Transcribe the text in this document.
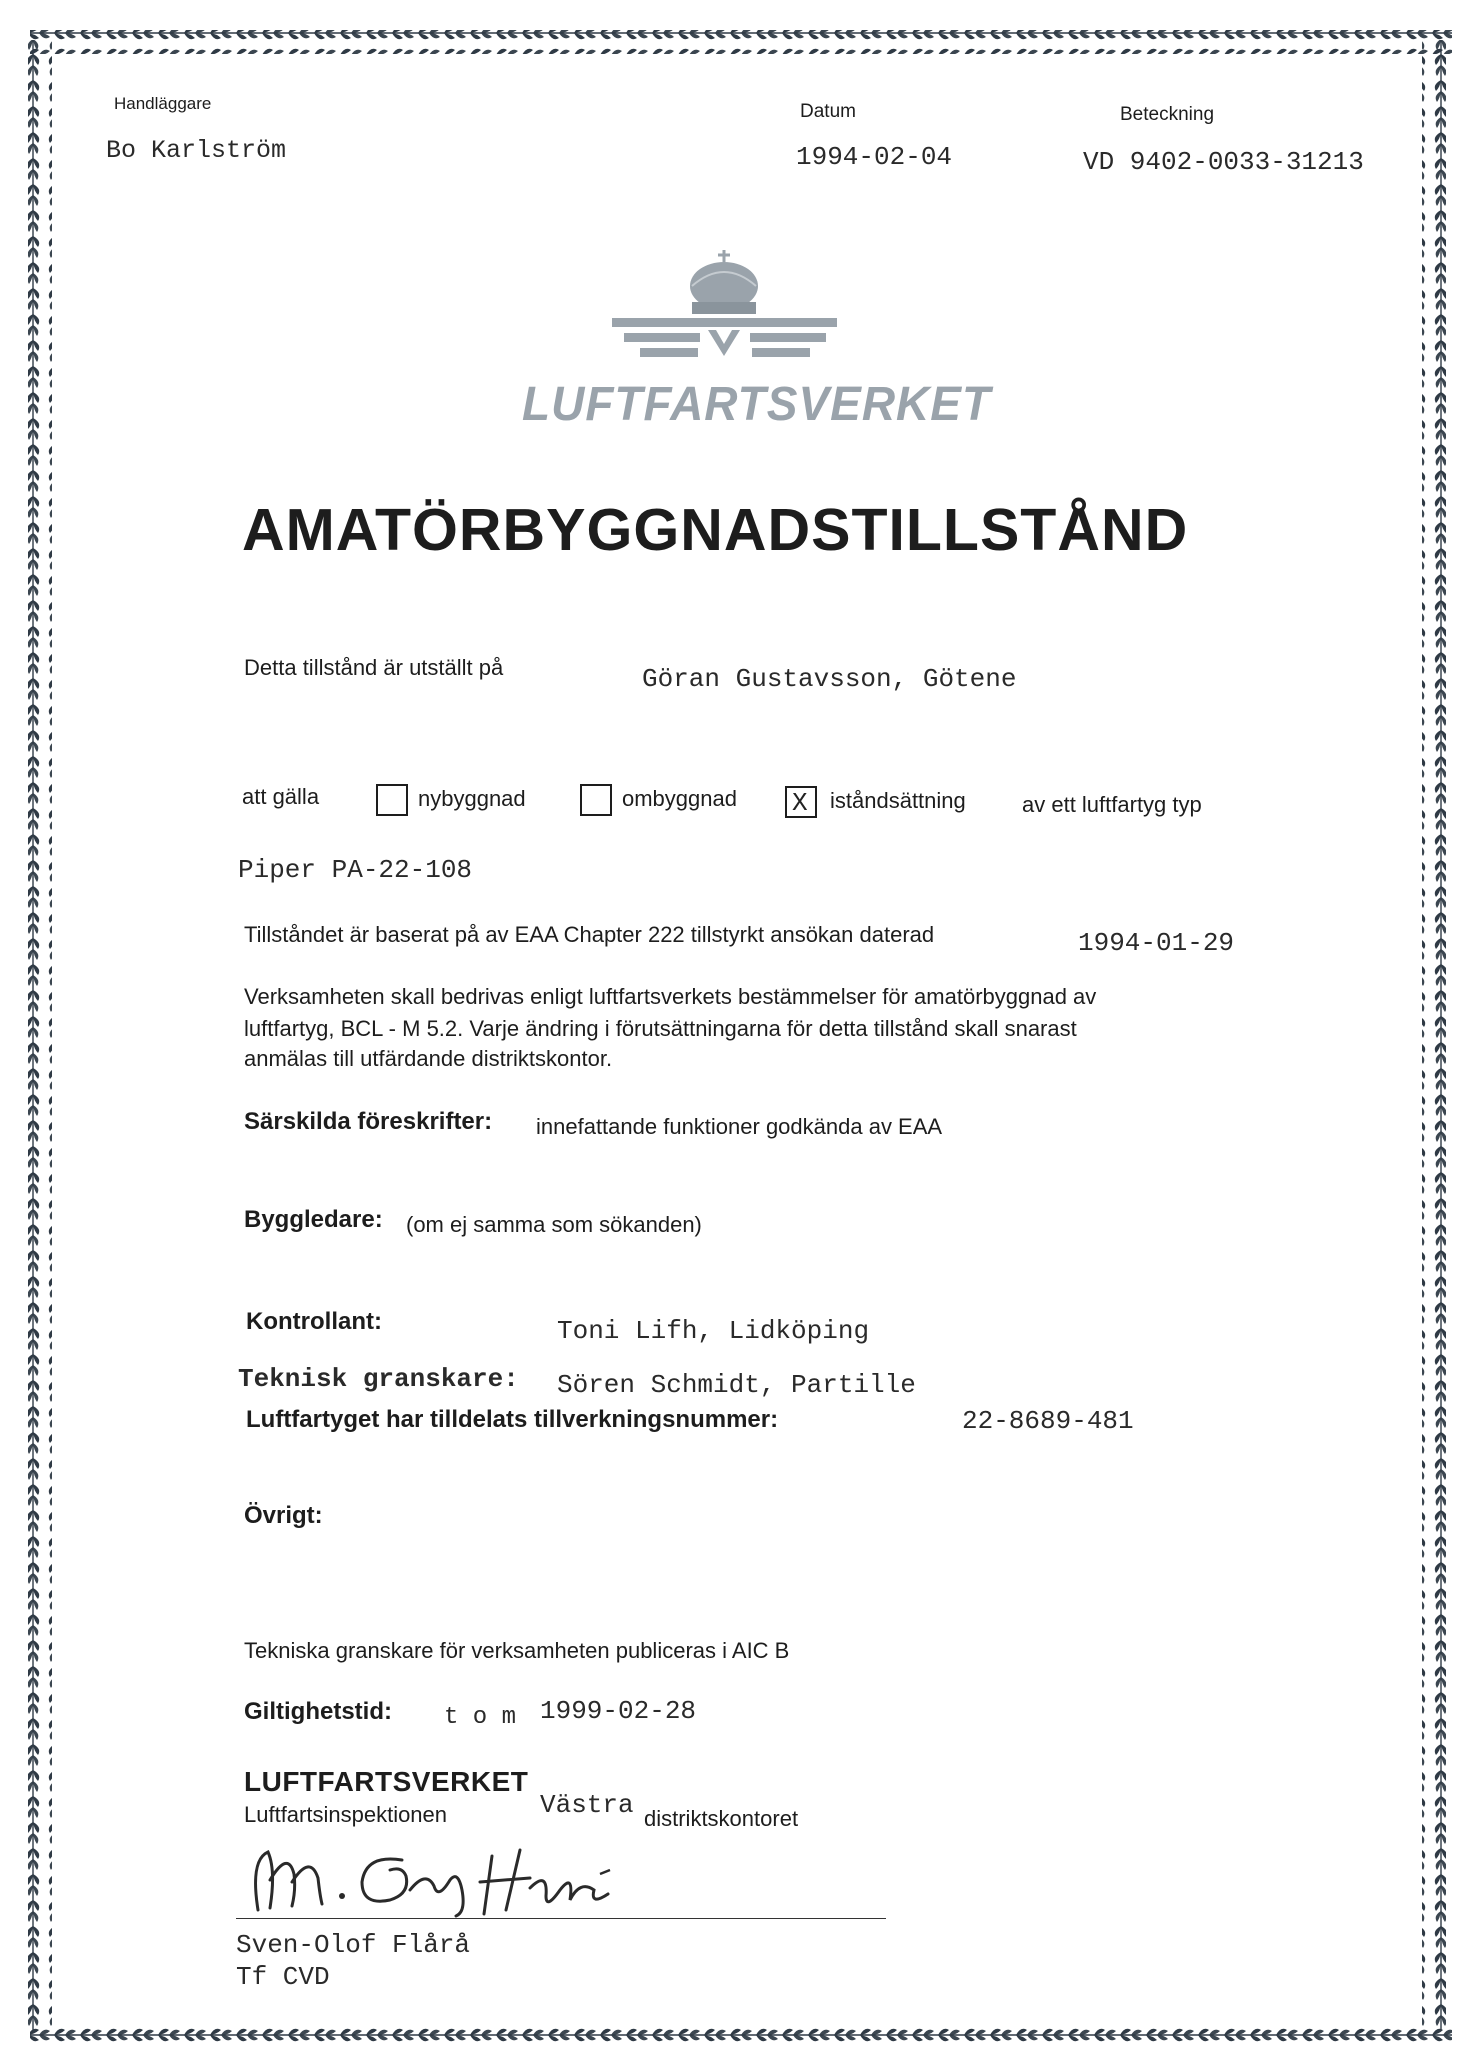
Handläggare
Bo Karlström
Datum
1994-02-04
Beteckning
VD 9402-0033-31213
LUFTFARTSVERKET
AMATÖRBYGGNADSTILLSTÅND
Detta tillstånd är utställt på	Göran Gustavsson, Götene
att gälla	nybyggnad	ombyggnad X iståndsättning	av ett luftfartyg typ
Piper PA-22-108
Tillståndet är baserat på av EAA Chapter 222 tillstyrkt ansökan daterad	1994-01-29
Verksamheten skall bedrivas enligt luftfartsverkets bestämmelser för amatörbyggnad av
luftfartyg, BCL - M 5.2. Varje ändring i förutsättningarna för detta tillstånd skall snarast
anmälas till utfärdande distriktskontor.
Särskilda föreskrifter: innefattande funktioner godkända av EAA
Byggledare: (om ej samma som sökanden)
Kontrollant:	Toni Lifh, Lidköping
Teknisk granskare: Sören Schmidt, Partille
Luftfartyget har tilldelats tillverkningsnummer:	22-8689-481
Övrigt:
Tekniska granskare för verksamheten publiceras i AIC B
Giltighetstid: t o m 1999-02-28
LUFTFARTSVERKET
Luftfartsinspektionen	Västra distriktskontoret
Sven-Olof Flårå
Tf CVD
